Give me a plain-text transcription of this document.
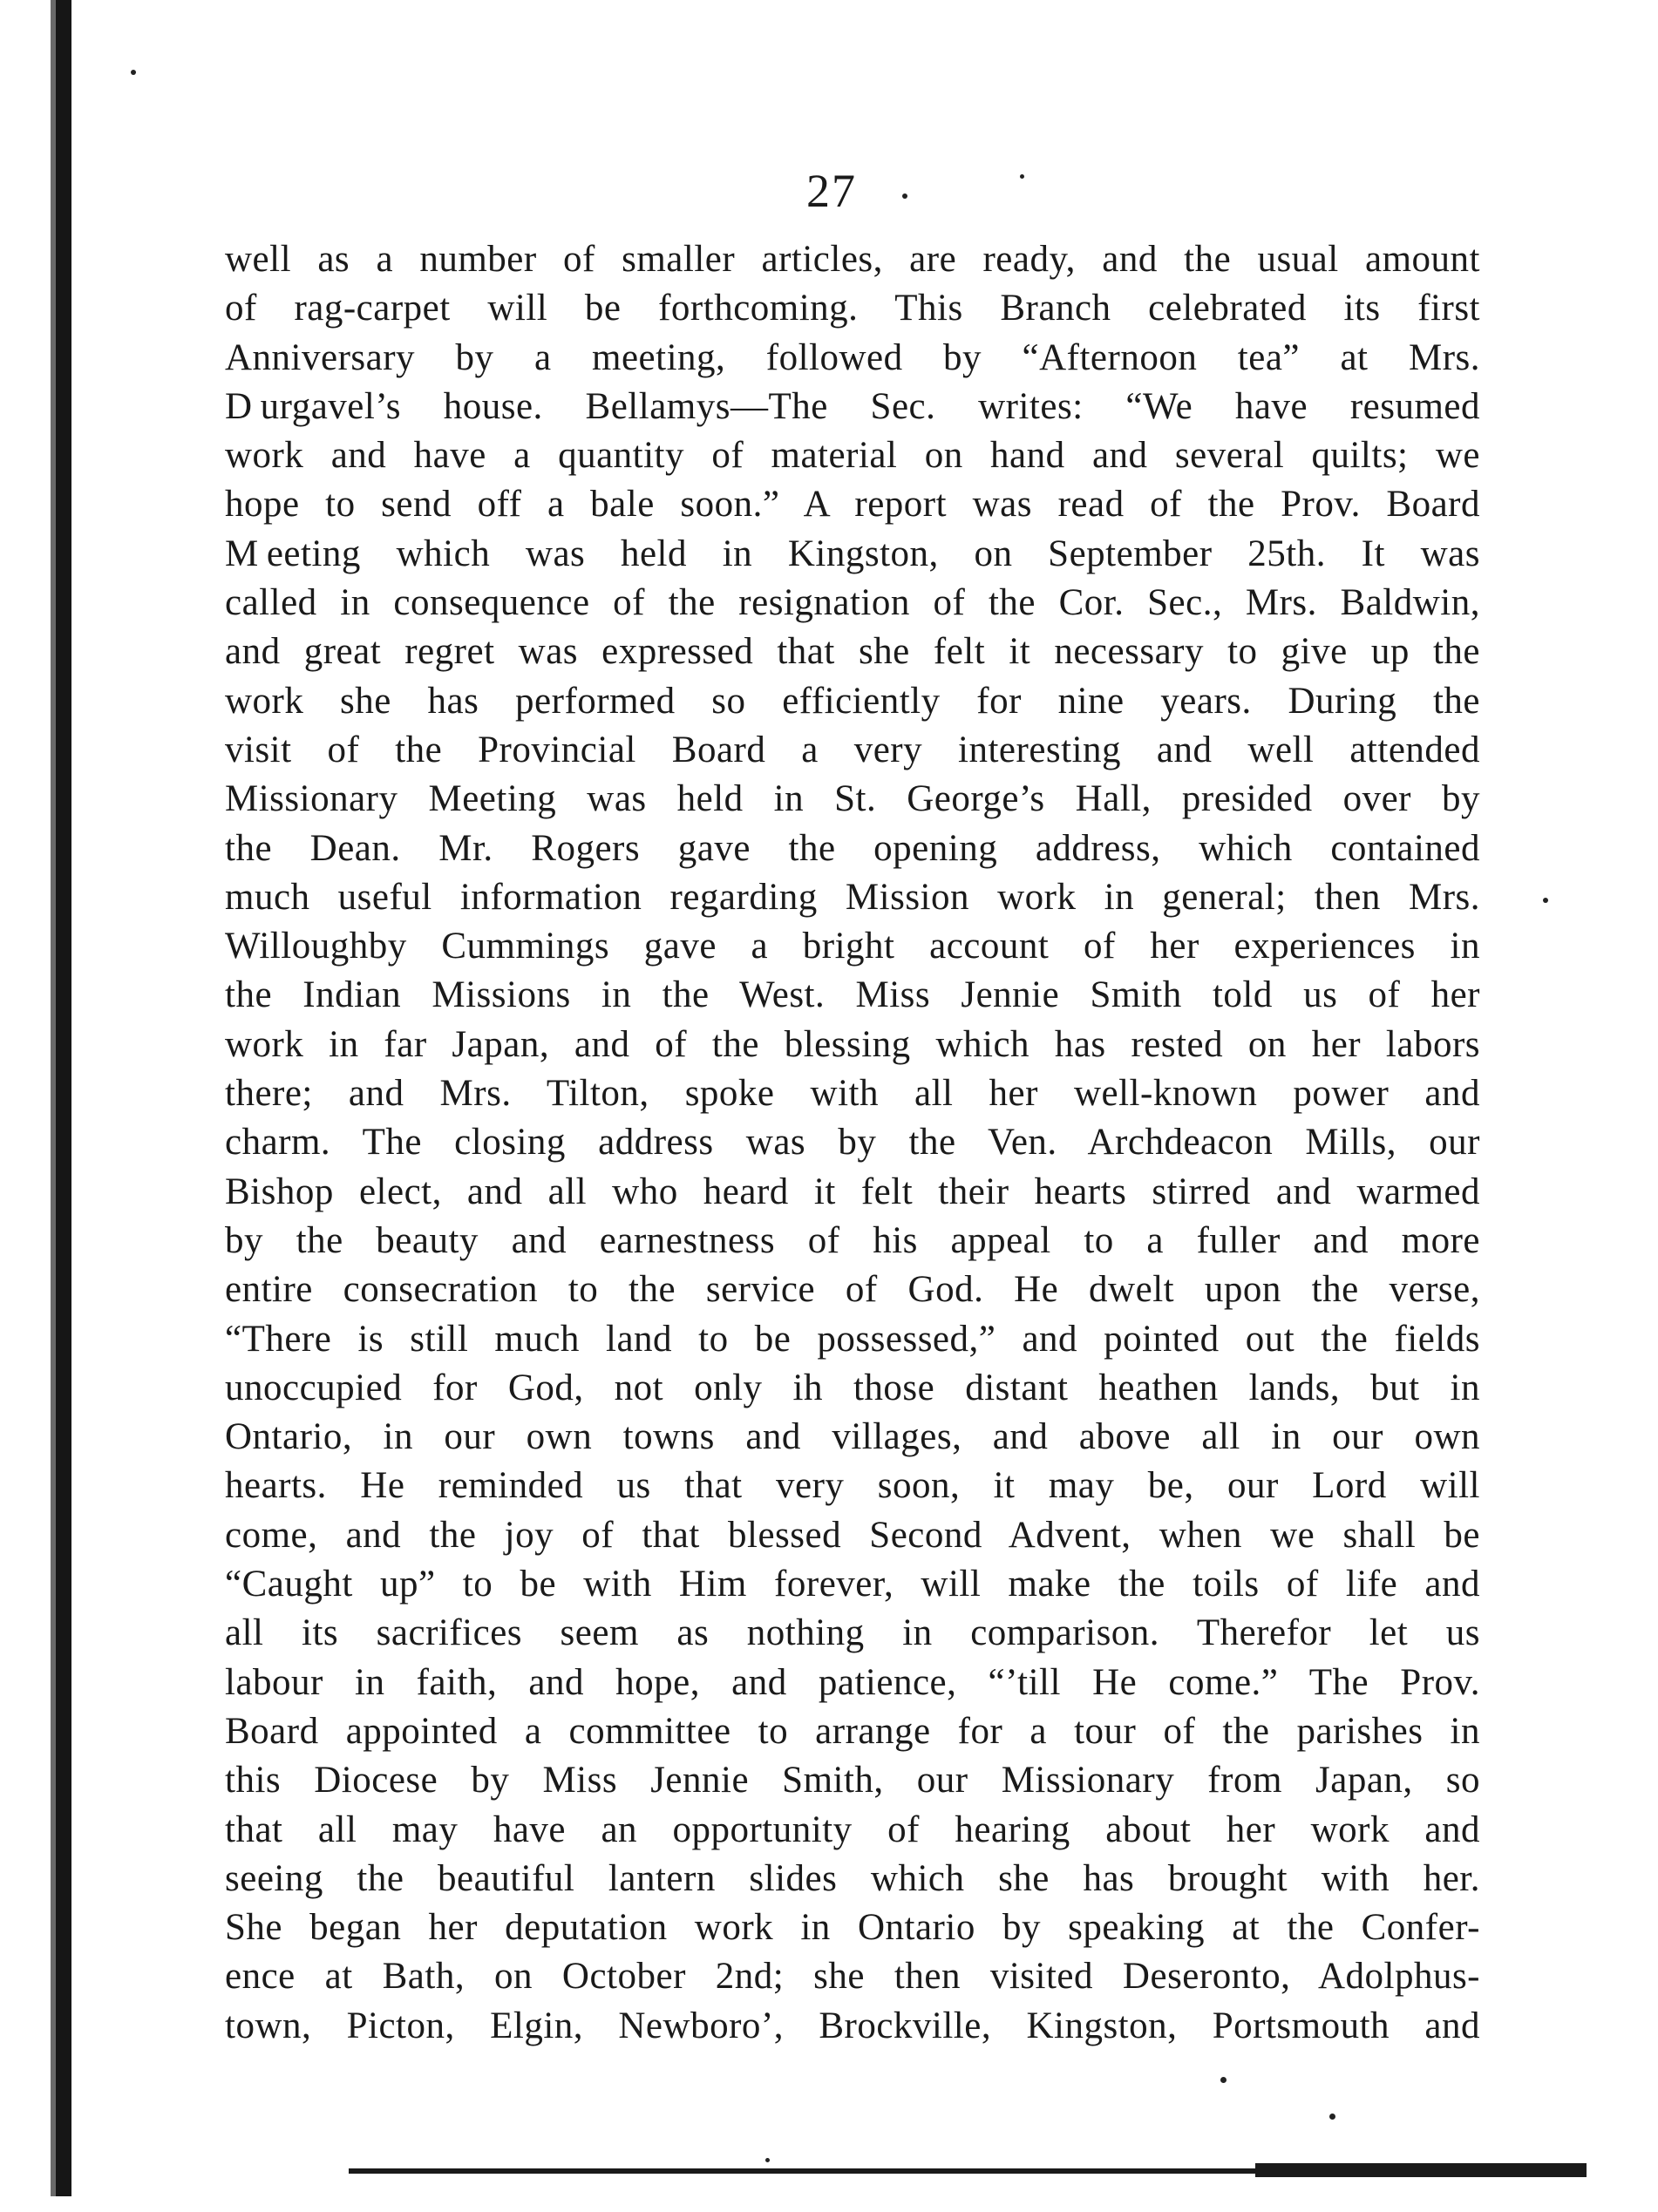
27
well as a number of smaller articles, are ready, and the usual amount
of rag-carpet will be forthcoming. This Branch celebrated its first
Anniversary by a meeting, followed by “Afternoon tea” at Mrs.
D urgavel’s house. Bellamys—The Sec. writes: “We have resumed
work and have a quantity of material on hand and several quilts; we
hope to send off a bale soon.” A report was read of the Prov. Board
M eeting which was held in Kingston, on September 25th. It was
called in consequence of the resignation of the Cor. Sec., Mrs. Baldwin,
and great regret was expressed that she felt it necessary to give up the
work she has performed so efficiently for nine years. During the
visit of the Provincial Board a very interesting and well attended
Missionary Meeting was held in St. George’s Hall, presided over by
the Dean. Mr. Rogers gave the opening address, which contained
much useful information regarding Mission work in general; then Mrs.
Willoughby Cummings gave a bright account of her experiences in
the Indian Missions in the West. Miss Jennie Smith told us of her
work in far Japan, and of the blessing which has rested on her labors
there; and Mrs. Tilton, spoke with all her well-known power and
charm. The closing address was by the Ven. Archdeacon Mills, our
Bishop elect, and all who heard it felt their hearts stirred and warmed
by the beauty and earnestness of his appeal to a fuller and more
entire consecration to the service of God. He dwelt upon the verse,
“There is still much land to be possessed,” and pointed out the fields
unoccupied for God, not only ih those distant heathen lands, but in
Ontario, in our own towns and villages, and above all in our own
hearts. He reminded us that very soon, it may be, our Lord will
come, and the joy of that blessed Second Advent, when we shall be
“Caught up” to be with Him forever, will make the toils of life and
all its sacrifices seem as nothing in comparison. Therefor let us
labour in faith, and hope, and patience, “’till He come.” The Prov.
Board appointed a committee to arrange for a tour of the parishes in
this Diocese by Miss Jennie Smith, our Missionary from Japan, so
that all may have an opportunity of hearing about her work and
seeing the beautiful lantern slides which she has brought with her.
She began her deputation work in Ontario by speaking at the Confer-
ence at Bath, on October 2nd; she then visited Deseronto, Adolphus-
town, Picton, Elgin, Newboro’, Brockville, Kingston, Portsmouth and
